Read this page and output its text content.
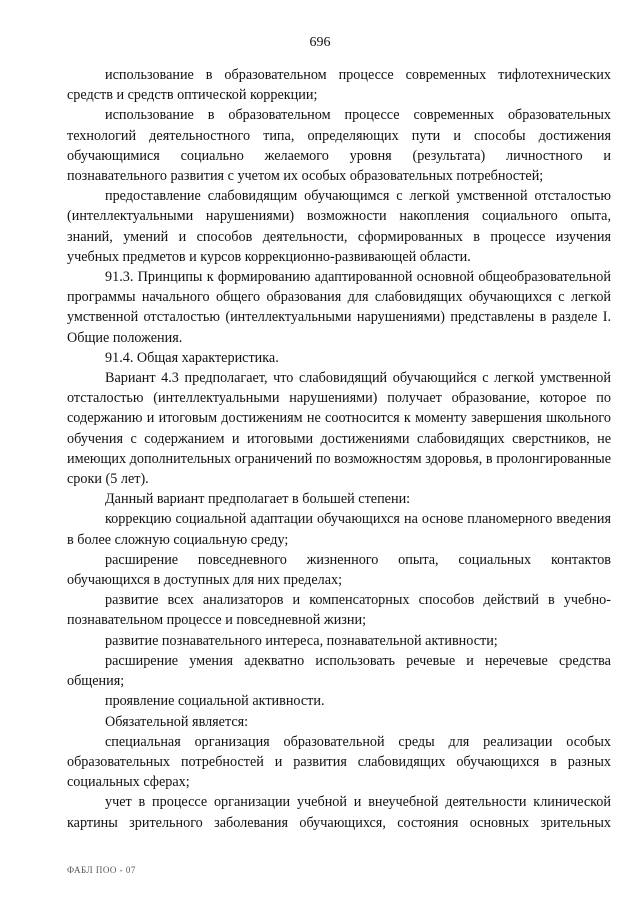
696

использование в образовательном процессе современных тифлотехнических средств и средств оптической коррекции;

использование в образовательном процессе современных образовательных технологий деятельностного типа, определяющих пути и способы достижения обучающимися социально желаемого уровня (результата) личностного и познавательного развития с учетом их особых образовательных потребностей;

предоставление слабовидящим обучающимся с легкой умственной отсталостью (интеллектуальными нарушениями) возможности накопления социального опыта, знаний, умений и способов деятельности, сформированных в процессе изучения учебных предметов и курсов коррекционно-развивающей области.

91.3. Принципы к формированию адаптированной основной общеобразовательной программы начального общего образования для слабовидящих обучающихся с легкой умственной отсталостью (интеллектуальными нарушениями) представлены в разделе I. Общие положения.

91.4. Общая характеристика.

Вариант 4.3 предполагает, что слабовидящий обучающийся с легкой умственной отсталостью (интеллектуальными нарушениями) получает образование, которое по содержанию и итоговым достижениям не соотносится к моменту завершения школьного обучения с содержанием и итоговыми достижениями слабовидящих сверстников, не имеющих дополнительных ограничений по возможностям здоровья, в пролонгированные сроки (5 лет).

Данный вариант предполагает в большей степени:

коррекцию социальной адаптации обучающихся на основе планомерного введения в более сложную социальную среду;

расширение повседневного жизненного опыта, социальных контактов обучающихся в доступных для них пределах;

развитие всех анализаторов и компенсаторных способов действий в учебно-познавательном процессе и повседневной жизни;

развитие познавательного интереса, познавательной активности;

расширение умения адекватно использовать речевые и неречевые средства общения;

проявление социальной активности.

Обязательной является:

специальная организация образовательной среды для реализации особых образовательных потребностей и развития слабовидящих обучающихся в разных социальных сферах;

учет в процессе организации учебной и внеучебной деятельности клинической картины зрительного заболевания обучающихся, состояния основных зрительных

ФАБЛ ПОО - 07
